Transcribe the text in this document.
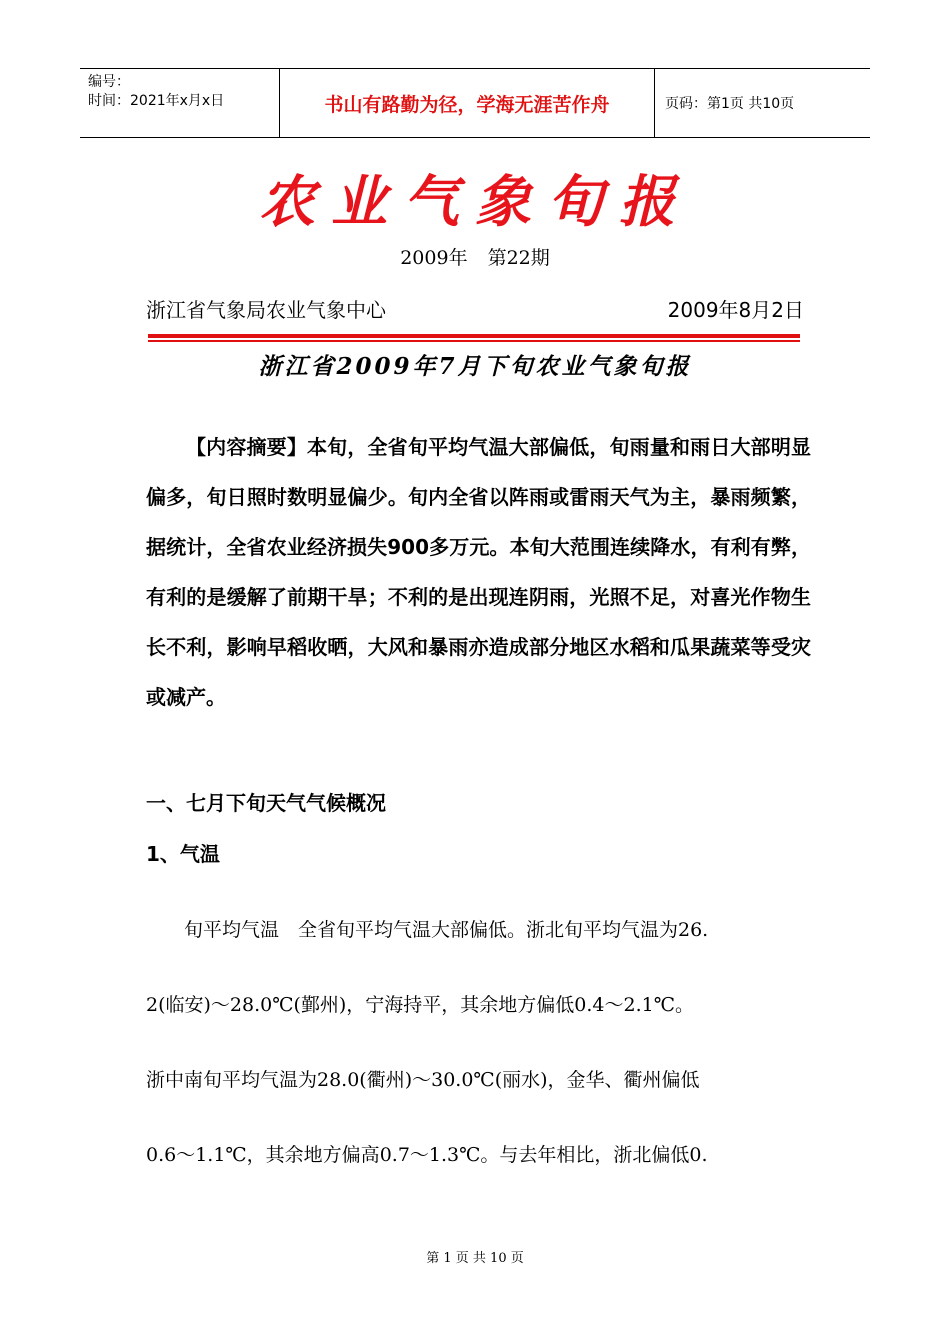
编号：
时间：2021年x月x日	书山有路勤为径，学海无涯苦作舟	页码：第1页 共10页
农业气象旬报
2009年 第22期
浙江省气象局农业气象中心	2009年8月2日
浙江省2009年7月下旬农业气象旬报
【内容摘要】本旬，全省旬平均气温大部偏低，旬雨量和雨日大部明显偏多，旬日照时数明显偏少。旬内全省以阵雨或雷雨天气为主，暴雨频繁，据统计，全省农业经济损失900多万元。本旬大范围连续降水，有利有弊，有利的是缓解了前期干旱；不利的是出现连阴雨，光照不足，对喜光作物生长不利，影响早稻收晒，大风和暴雨亦造成部分地区水稻和瓜果蔬菜等受灾或减产。
一、七月下旬天气气候概况
1、气温
　　旬平均气温　全省旬平均气温大部偏低。浙北旬平均气温为26.
2(临安)～28.0℃(鄞州)，宁海持平，其余地方偏低0.4～2.1℃。
浙中南旬平均气温为28.0(衢州)～30.0℃(丽水)，金华、衢州偏低
0.6～1.1℃，其余地方偏高0.7～1.3℃。与去年相比，浙北偏低0.
第 1 页 共 10 页
